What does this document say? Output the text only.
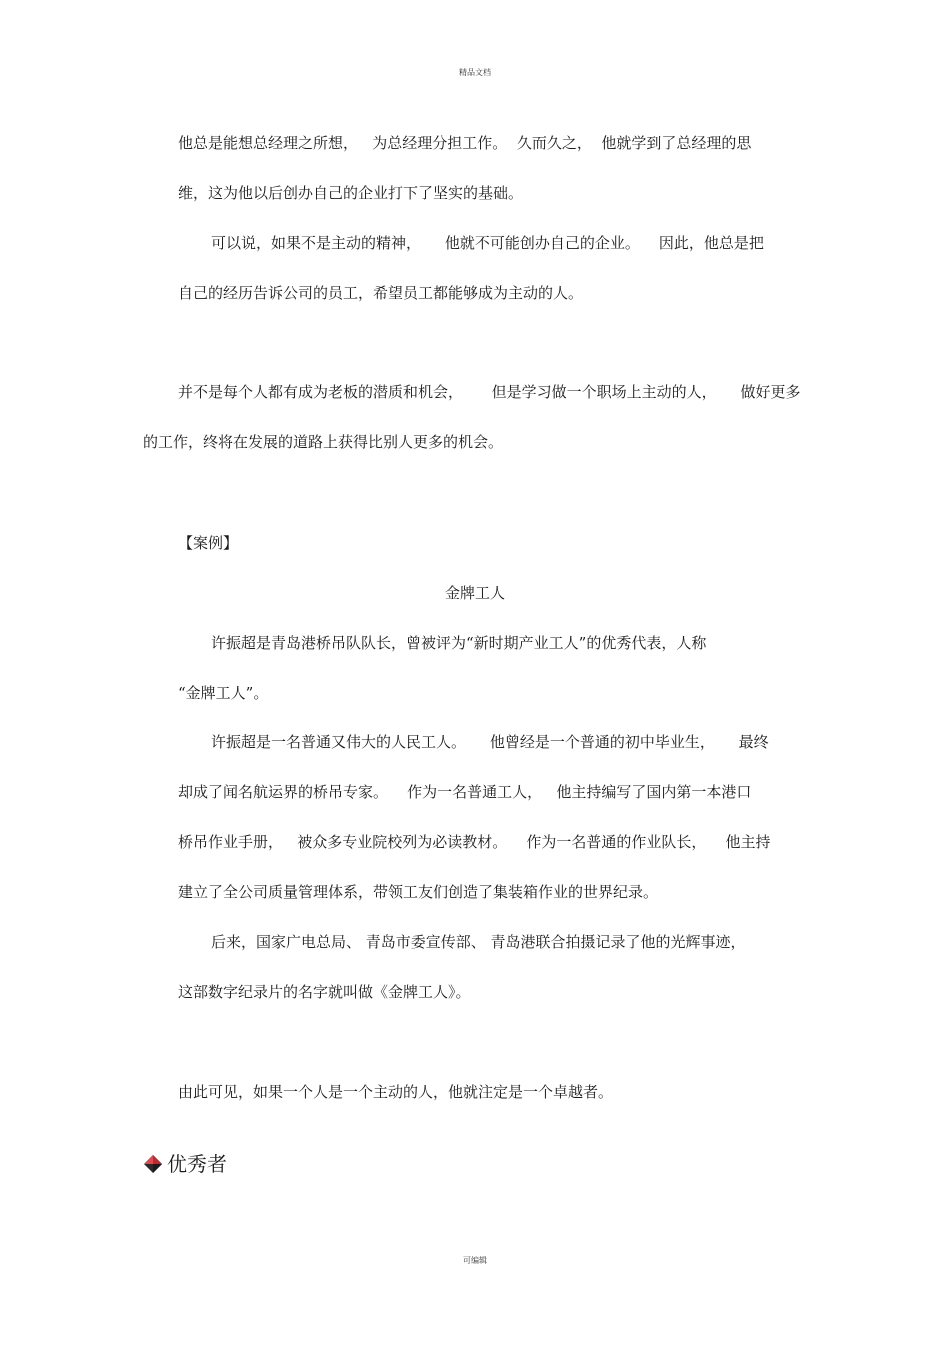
精品文档
他总是能想总经理之所想，   为总经理分担工作。  久而久之，  他就学到了总经理的思
维，这为他以后创办自己的企业打下了坚实的基础。
可以说，如果不是主动的精神，     他就不可能创办自己的企业。    因此，他总是把
自己的经历告诉公司的员工，希望员工都能够成为主动的人。
并不是每个人都有成为老板的潜质和机会，      但是学习做一个职场上主动的人，     做好更多
的工作，终将在发展的道路上获得比别人更多的机会。
【案例】
金牌工人
许振超是青岛港桥吊队队长，曾被评为“新时期产业工人”的优秀代表，人称
“金牌工人”。
许振超是一名普通又伟大的人民工人。     他曾经是一个普通的初中毕业生，     最终
却成了闻名航运界的桥吊专家。    作为一名普通工人，   他主持编写了国内第一本港口
桥吊作业手册，   被众多专业院校列为必读教材。    作为一名普通的作业队长，    他主持
建立了全公司质量管理体系，带领工友们创造了集装箱作业的世界纪录。
后来，国家广电总局、 青岛市委宣传部、 青岛港联合拍摄记录了他的光辉事迹，
这部数字纪录片的名字就叫做《金牌工人》。
由此可见，如果一个人是一个主动的人，他就注定是一个卓越者。
优秀者
可编辑
